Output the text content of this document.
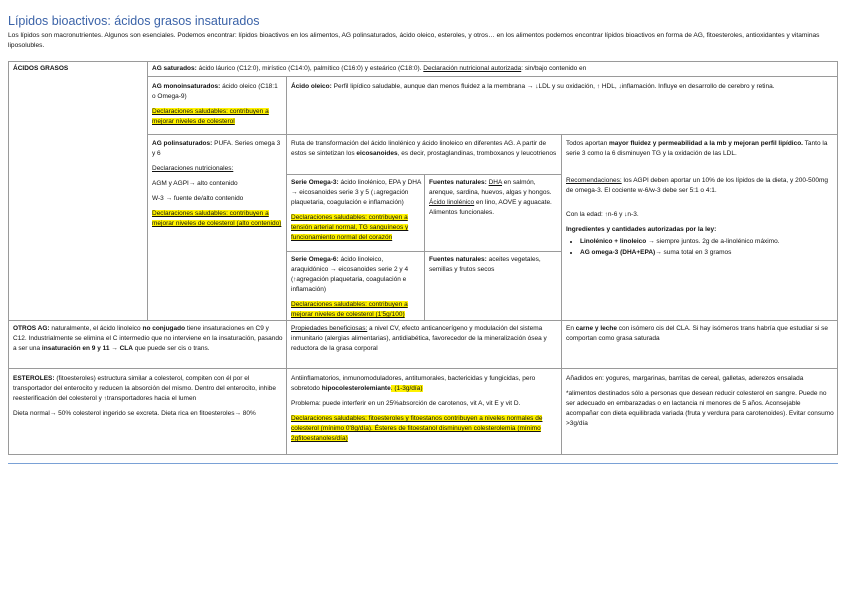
Lípidos bioactivos: ácidos grasos insaturados
Los lípidos son macronutrientes. Algunos son esenciales. Podemos encontrar: lípidos bioactivos en los alimentos, AG polinsaturados, ácido oleico, esteroles, y otros… en los alimentos podemos encontrar lípidos bioactivos en forma de AG, fitoesteroles, antioxidantes y vitaminas liposolubles.
ÁCIDOS GRASOS	AG saturados: ácido láurico (C12:0), mirístico (C14:0), palmítico (C16:0) y esteárico (C18:0). Declaración nutricional autorizada: sin/bajo contenido en

AG monoinsaturados: ácido oleico (C18:1 o Omega-9)

Declaraciones saludables: contribuyen a mejorar niveles de colesterol

Ácido oleico: Perfil lipídico saludable, aunque dan menos fluidez a la membrana → ↓LDL y su oxidación, ↑ HDL, ↓inflamación. Influye en desarrollo de cerebro y retina.

AG polinsaturados: PUFA. Series omega 3 y 6

Declaraciones nutricionales:

AGM y AGPI→ alto contenido

W-3 → fuente de/alto contenido

Declaraciones saludables: contribuyen a mejorar niveles de colesterol (alto contenido)

Ruta de transformación del ácido linolénico y ácido linoleico en diferentes AG. A partir de estos se sintetizan los eicosanoides, es decir, prostaglandinas, tromboxanos y leucotrienos

Serie Omega-3: ácido linolénico, EPA y DHA → eicosanoides serie 3 y 5 (↓agregación plaquetaria, coagulación e inflamación)

Declaraciones saludables: contribuyen a tensión arterial normal, TG sanguíneos y funcionamiento normal del corazón

Fuentes naturales: DHA en salmón, arenque, sardina, huevos, algas y hongos. Ácido linolénico en lino, AOVE y aguacate. Alimentos funcionales.

Serie Omega-6: ácido linoleico, araquidónico → eicosanoides serie 2 y 4 (↑agregación plaquetaria, coagulación e inflamación)

Declaraciones saludables: contribuyen a mejorar niveles de colesterol (1'5g/100)

Fuentes naturales: aceites vegetales, semillas y frutos secos

Todos aportan mayor fluidez y permeabilidad a la mb y mejoran perfil lipídico. Tanto la serie 3 como la 6 disminuyen TG y la oxidación de las LDL.

Recomendaciones: los AGPI deben aportar un 10% de los lípidos de la dieta, y 200-500mg de omega-3. El cociente w-6/w-3 debe ser 5:1 o 4:1.

Con la edad: ↑n-6 y ↓n-3.

Ingredientes y cantidades autorizadas por la ley:

• Linolénico + linoleico → siempre juntos. 2g de a-linolénico máximo.
• AG omega-3 (DHA+EPA)→ suma total en 3 gramos
OTROS AG: naturalmente, el ácido linoleico no conjugado tiene insaturaciones en C9 y C12. Industrialmente se elimina el C intermedio que no interviene en la insaturación, pasando a ser una insaturación en 9 y 11 → CLA que puede ser cis o trans.
Propiedades beneficiosas: a nivel CV, efecto anticancerígeno y modulación del sistema inmunitario (alergias alimentarias), antidiabética, favorecedor de la mineralización ósea y reductora de la grasa corporal
En carne y leche con isómero cis del CLA. Si hay isómeros trans habría que estudiar si se comportan como grasa saturada

ESTEROLES: (fitoesteroles) estructura similar a colesterol, compiten con él por el transportador del enterocito y reducen la absorción del mismo. Dentro del enterocito, inhibe reesterificación del colesterol y ↑transportadores hacia el lumen

Dieta normal→ 50% colesterol ingerido se excreta. Dieta rica en fitoesteroles→ 80%

Antiinflamatorios, inmunomoduladores, antitumorales, bactericidas y fungicidas, pero sobretodo hipocolesterolemiante. (1-3g/día)

Problema: puede interferir en un 25%absorción de carotenos, vit A, vit E y vit D.

Declaraciones saludables: fitoesteroles y fitoestanos contribuyen a niveles normales de colesterol (mínimo 0'8g/día). Ésteres de fitoestanol disminuyen colesterolemia (mínimo 2gfitoestanoles/día)

Añadidos en: yogures, margarinas, barritas de cereal, galletas, aderezos ensalada

*alimentos destinados sólo a personas que desean reducir colesterol en sangre. Puede no ser adecuado en embarazadas o en lactancia ni menores de 5 años. Aconsejable acompañar con dieta equilibrada variada (fruta y verdura para carotenoides). Evitar consumo >3g/día
